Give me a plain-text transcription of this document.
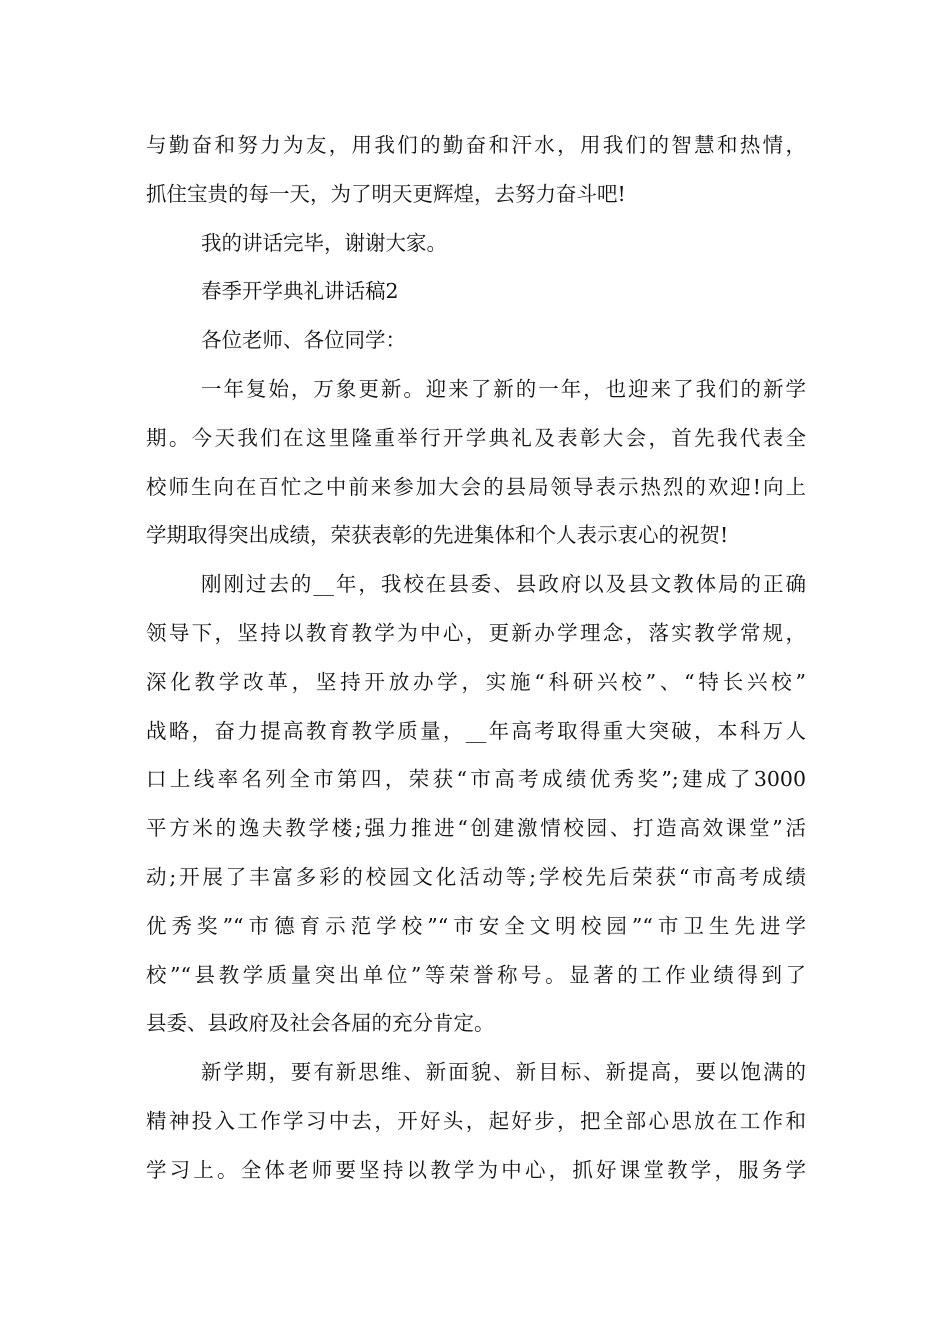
与勤奋和努力为友，用我们的勤奋和汗水，用我们的智慧和热情，
抓住宝贵的每一天，为了明天更辉煌，去努力奋斗吧!
我的讲话完毕，谢谢大家。
春季开学典礼讲话稿2
各位老师、各位同学：
一年复始，万象更新。迎来了新的一年，也迎来了我们的新学
期。今天我们在这里隆重举行开学典礼及表彰大会，首先我代表全
校师生向在百忙之中前来参加大会的县局领导表示热烈的欢迎!向上
学期取得突出成绩，荣获表彰的先进集体和个人表示衷心的祝贺!
刚刚过去的__年，我校在县委、县政府以及县文教体局的正确
领导下，坚持以教育教学为中心，更新办学理念，落实教学常规，
深化教学改革，坚持开放办学，实施“科研兴校”、“特长兴校”
战略，奋力提高教育教学质量，__年高考取得重大突破，本科万人
口上线率名列全市第四，荣获“市高考成绩优秀奖”;建成了3000
平方米的逸夫教学楼;强力推进“创建激情校园、打造高效课堂”活
动;开展了丰富多彩的校园文化活动等;学校先后荣获“市高考成绩
优秀奖”“市德育示范学校”“市安全文明校园”“市卫生先进学
校”“县教学质量突出单位”等荣誉称号。显著的工作业绩得到了
县委、县政府及社会各届的充分肯定。
新学期，要有新思维、新面貌、新目标、新提高，要以饱满的
精神投入工作学习中去，开好头，起好步，把全部心思放在工作和
学习上。全体老师要坚持以教学为中心，抓好课堂教学，服务学
